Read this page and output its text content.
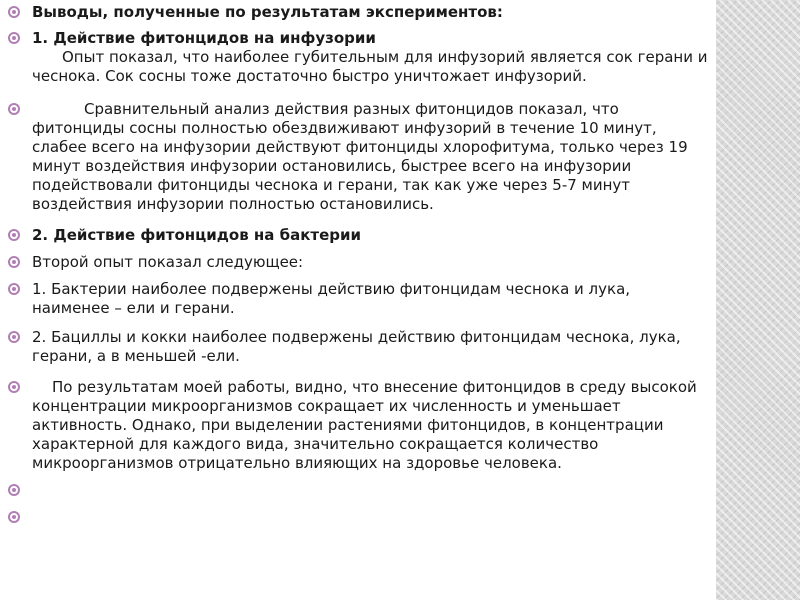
Выводы, полученные по результатам экспериментов:

1. Действие фитонцидов на инфузории

Опыт показал, что наиболее губительным для инфузорий является сок герани и чеснока. Сок сосны тоже достаточно быстро уничтожает инфузорий.

Сравнительный анализ действия разных фитонцидов показал, что фитонциды сосны полностью обездвиживают инфузорий в течение 10 минут, слабее всего на инфузории действуют фитонциды хлорофитума, только через 19 минут воздействия инфузории остановились, быстрее всего на инфузории подействовали фитонциды чеснока и герани, так как уже через 5-7 минут воздействия инфузории полностью остановились.

2. Действие фитонцидов на бактерии

Второй опыт показал следующее:

1. Бактерии наиболее подвержены действию фитонцидам чеснока и лука, наименее – ели и герани.

2. Бациллы и кокки наиболее подвержены действию фитонцидам чеснока, лука, герани, а в меньшей -ели.

По результатам моей работы, видно, что внесение фитонцидов в среду высокой концентрации микроорганизмов сокращает их численность и уменьшает активность. Однако, при выделении растениями фитонцидов, в концентрации характерной для каждого вида, значительно сокращается количество микроорганизмов отрицательно влияющих на здоровье человека.
